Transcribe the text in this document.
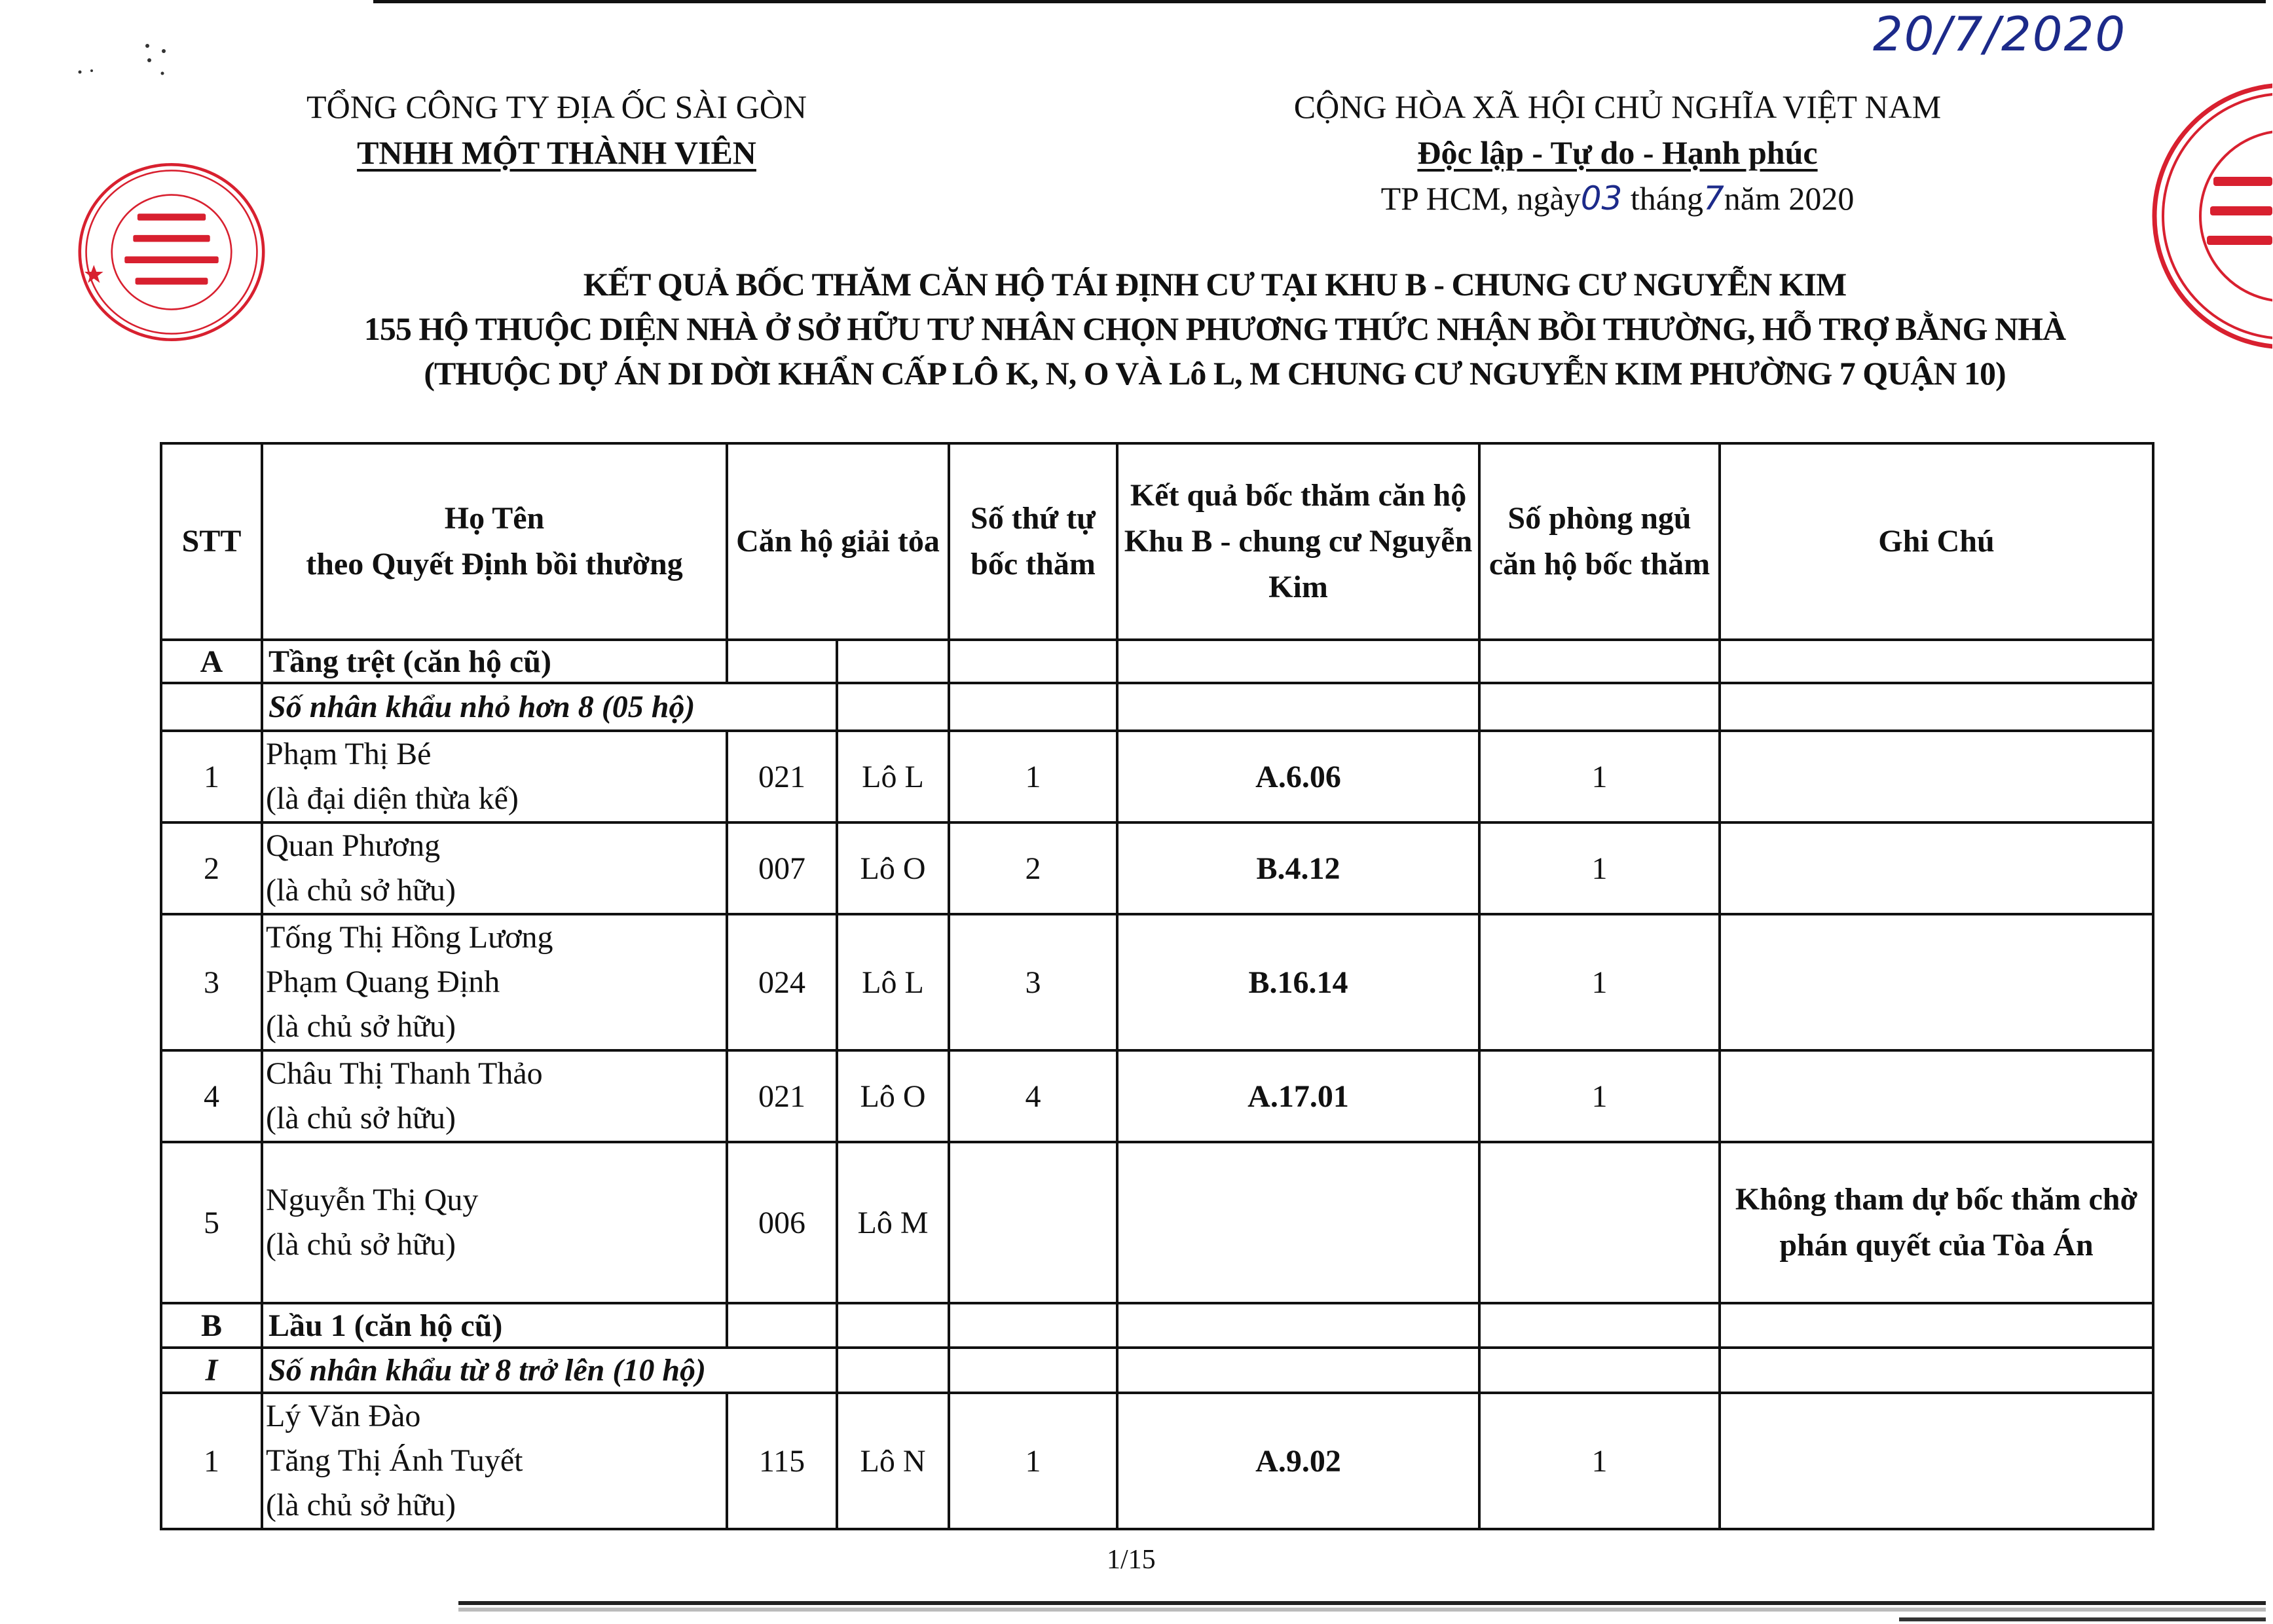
TỔNG CÔNG TY ĐỊA ỐC SÀI GÒN
TNHH MỘT THÀNH VIÊN
CỘNG HÒA XÃ HỘI CHỦ NGHĨA VIỆT NAM
Độc lập - Tự do - Hạnh phúc
TP HCM, ngày03 tháng7năm 2020
20/7/2020
KẾT QUẢ BỐC THĂM CĂN HỘ TÁI ĐỊNH CƯ TẠI KHU B - CHUNG CƯ NGUYỄN KIM
155 HỘ THUỘC DIỆN NHÀ Ở SỞ HỮU TƯ NHÂN CHỌN PHƯƠNG THỨC NHẬN BỒI THƯỜNG, HỖ TRỢ BẰNG NHÀ
(THUỘC DỰ ÁN DI DỜI KHẨN CẤP LÔ K, N, O VÀ Lô L, M CHUNG CƯ NGUYỄN KIM PHƯỜNG 7 QUẬN 10)
STT	Họ Tên
theo Quyết Định bồi thường	Căn hộ giải tỏa		Số thứ tự bốc thăm	Kết quả bốc thăm căn hộ Khu B - chung cư Nguyễn Kim	Số phòng ngủ căn hộ bốc thăm	Ghi Chú
A	Tầng trệt (căn hộ cũ)						
	Số nhân khẩu nhỏ hơn 8 (05 hộ)						
1	Phạm Thị Bé
(là đại diện thừa kế)	021	Lô L	1	A.6.06	1	
2	Quan Phương
(là chủ sở hữu)	007	Lô O	2	B.4.12	1	
3	Tống Thị Hồng Lương
Phạm Quang Định
(là chủ sở hữu)	024	Lô L	3	B.16.14	1	
4	Châu Thị Thanh Thảo
(là chủ sở hữu)	021	Lô O	4	A.17.01	1	
5	Nguyễn Thị Quy
(là chủ sở hữu)	006	Lô M				Không tham dự bốc thăm chờ phán quyết của Tòa Án
B	Lầu 1 (căn hộ cũ)						
I	Số nhân khẩu từ 8 trở lên (10 hộ)						
1	Lý Văn Đào
Tăng Thị Ánh Tuyết
(là chủ sở hữu)	115	Lô N	1	A.9.02	1	
1/15
